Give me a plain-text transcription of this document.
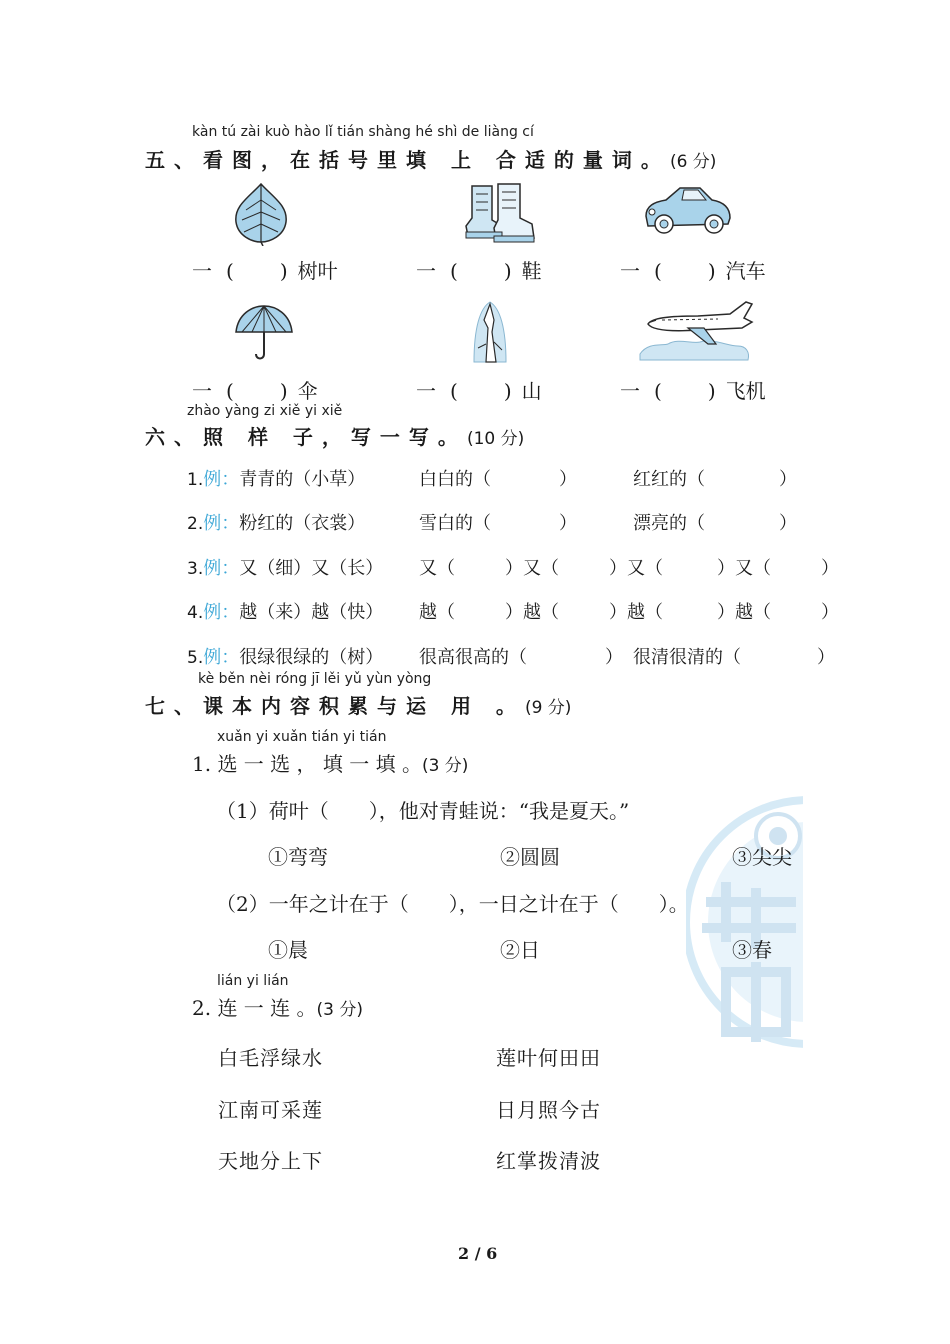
kàn tú zài kuò hào lǐ tián shàng hé shì de liàng cí
五、看图，在括号里填 上 合适的量词。(6 分)
一 ( ) 树叶	一 ( ) 鞋	一 ( ) 汽车
一 ( ) 伞	一 ( ) 山	一 ( ) 飞机
zhào yàng zi xiě yi xiě
六、照 样 子，写一写。(10 分)
1.例：青青的（小草）	白白的（	）	红红的（	）
2.例：粉红的（衣裳）	雪白的（	）	漂亮的（	）
3.例：又（细）又（长） 又（	）又（	）又（	）又（	）
4.例：越（来）越（快） 越（	）越（	）越（	）越（	）
5.例：很绿很绿的（树） 很高很高的（	） 很清很清的（	）
kè běn nèi róng jī lěi yǔ yùn yòng
七、课本内容积累与运 用 。(9 分)
xuǎn yi xuǎn tián yi tián
1. 选 一 选 ， 填 一 填 。(3 分)
（1）荷叶（　　），他对青蛙说：“我是夏天。”
①弯弯	②圆圆	③尖尖
（2）一年之计在于（　　），一日之计在于（　　）。
①晨	②日	③春
lián yi lián
2. 连 一 连 。(3 分)
白毛浮绿水	莲叶何田田
江南可采莲	日月照今古
天地分上下	红掌拨清波
2 / 6
